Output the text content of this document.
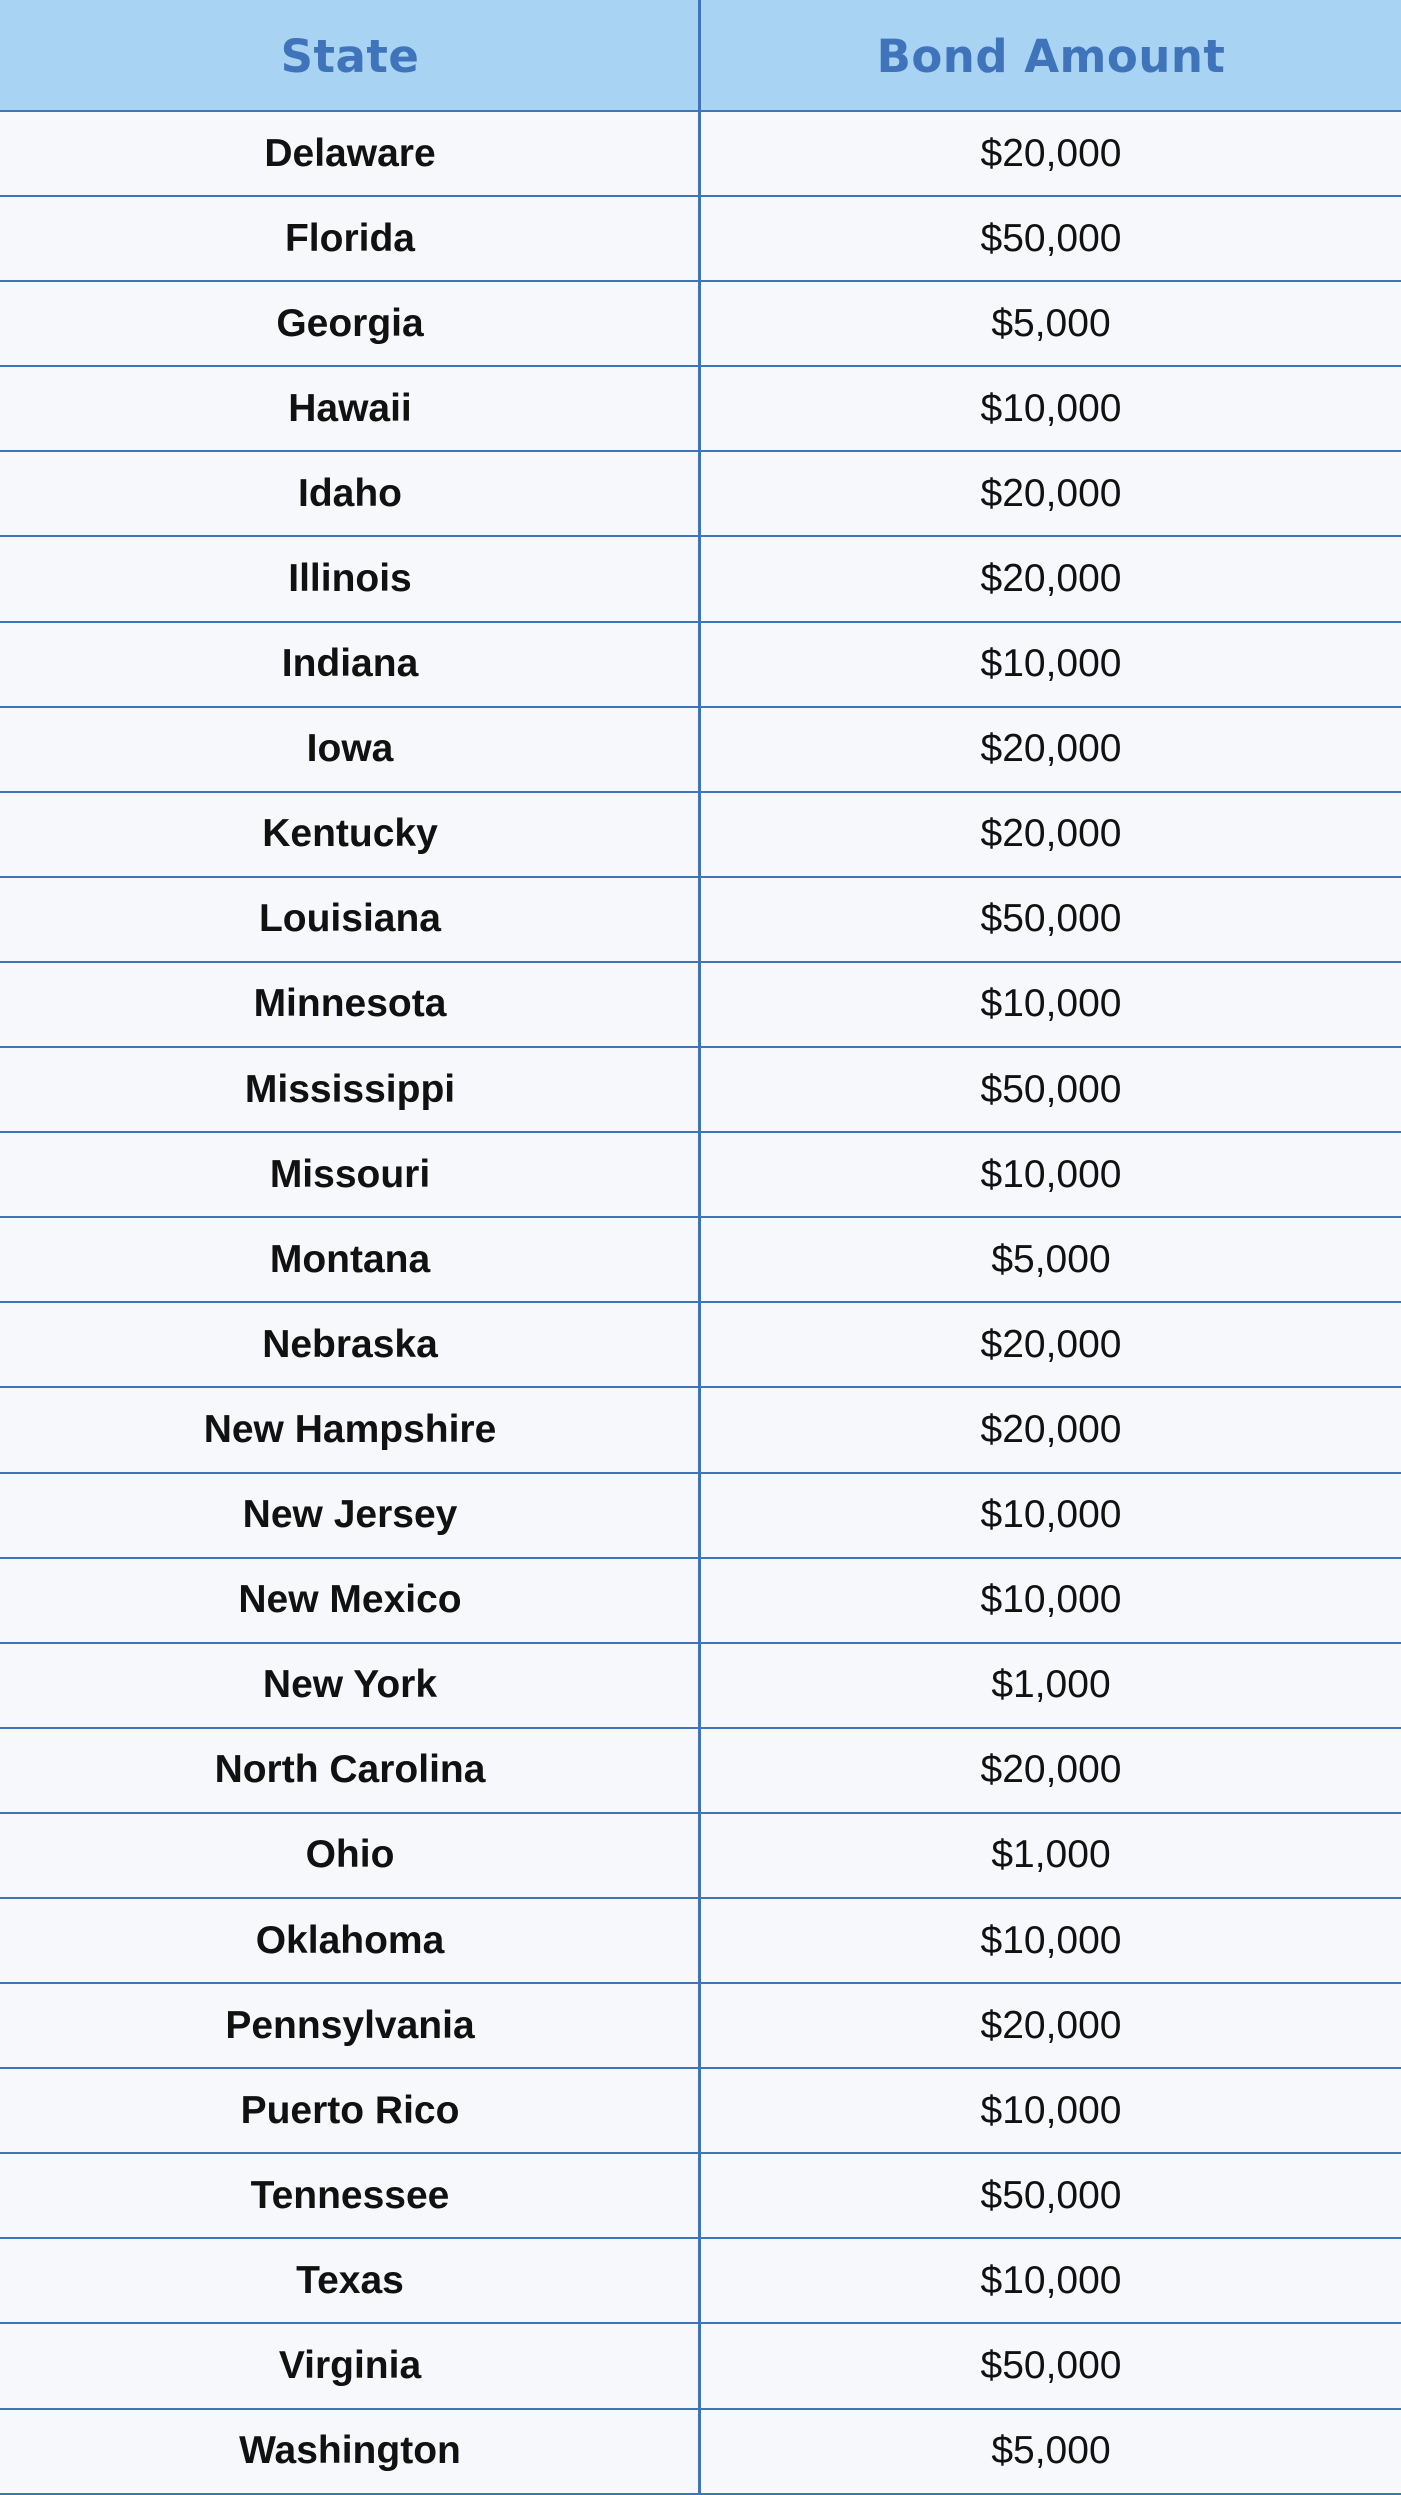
State	Bond Amount
Delaware	$20,000
Florida	$50,000
Georgia	$5,000
Hawaii	$10,000
Idaho	$20,000
Illinois	$20,000
Indiana	$10,000
Iowa	$20,000
Kentucky	$20,000
Louisiana	$50,000
Minnesota	$10,000
Mississippi	$50,000
Missouri	$10,000
Montana	$5,000
Nebraska	$20,000
New Hampshire	$20,000
New Jersey	$10,000
New Mexico	$10,000
New York	$1,000
North Carolina	$20,000
Ohio	$1,000
Oklahoma	$10,000
Pennsylvania	$20,000
Puerto Rico	$10,000
Tennessee	$50,000
Texas	$10,000
Virginia	$50,000
Washington	$5,000
